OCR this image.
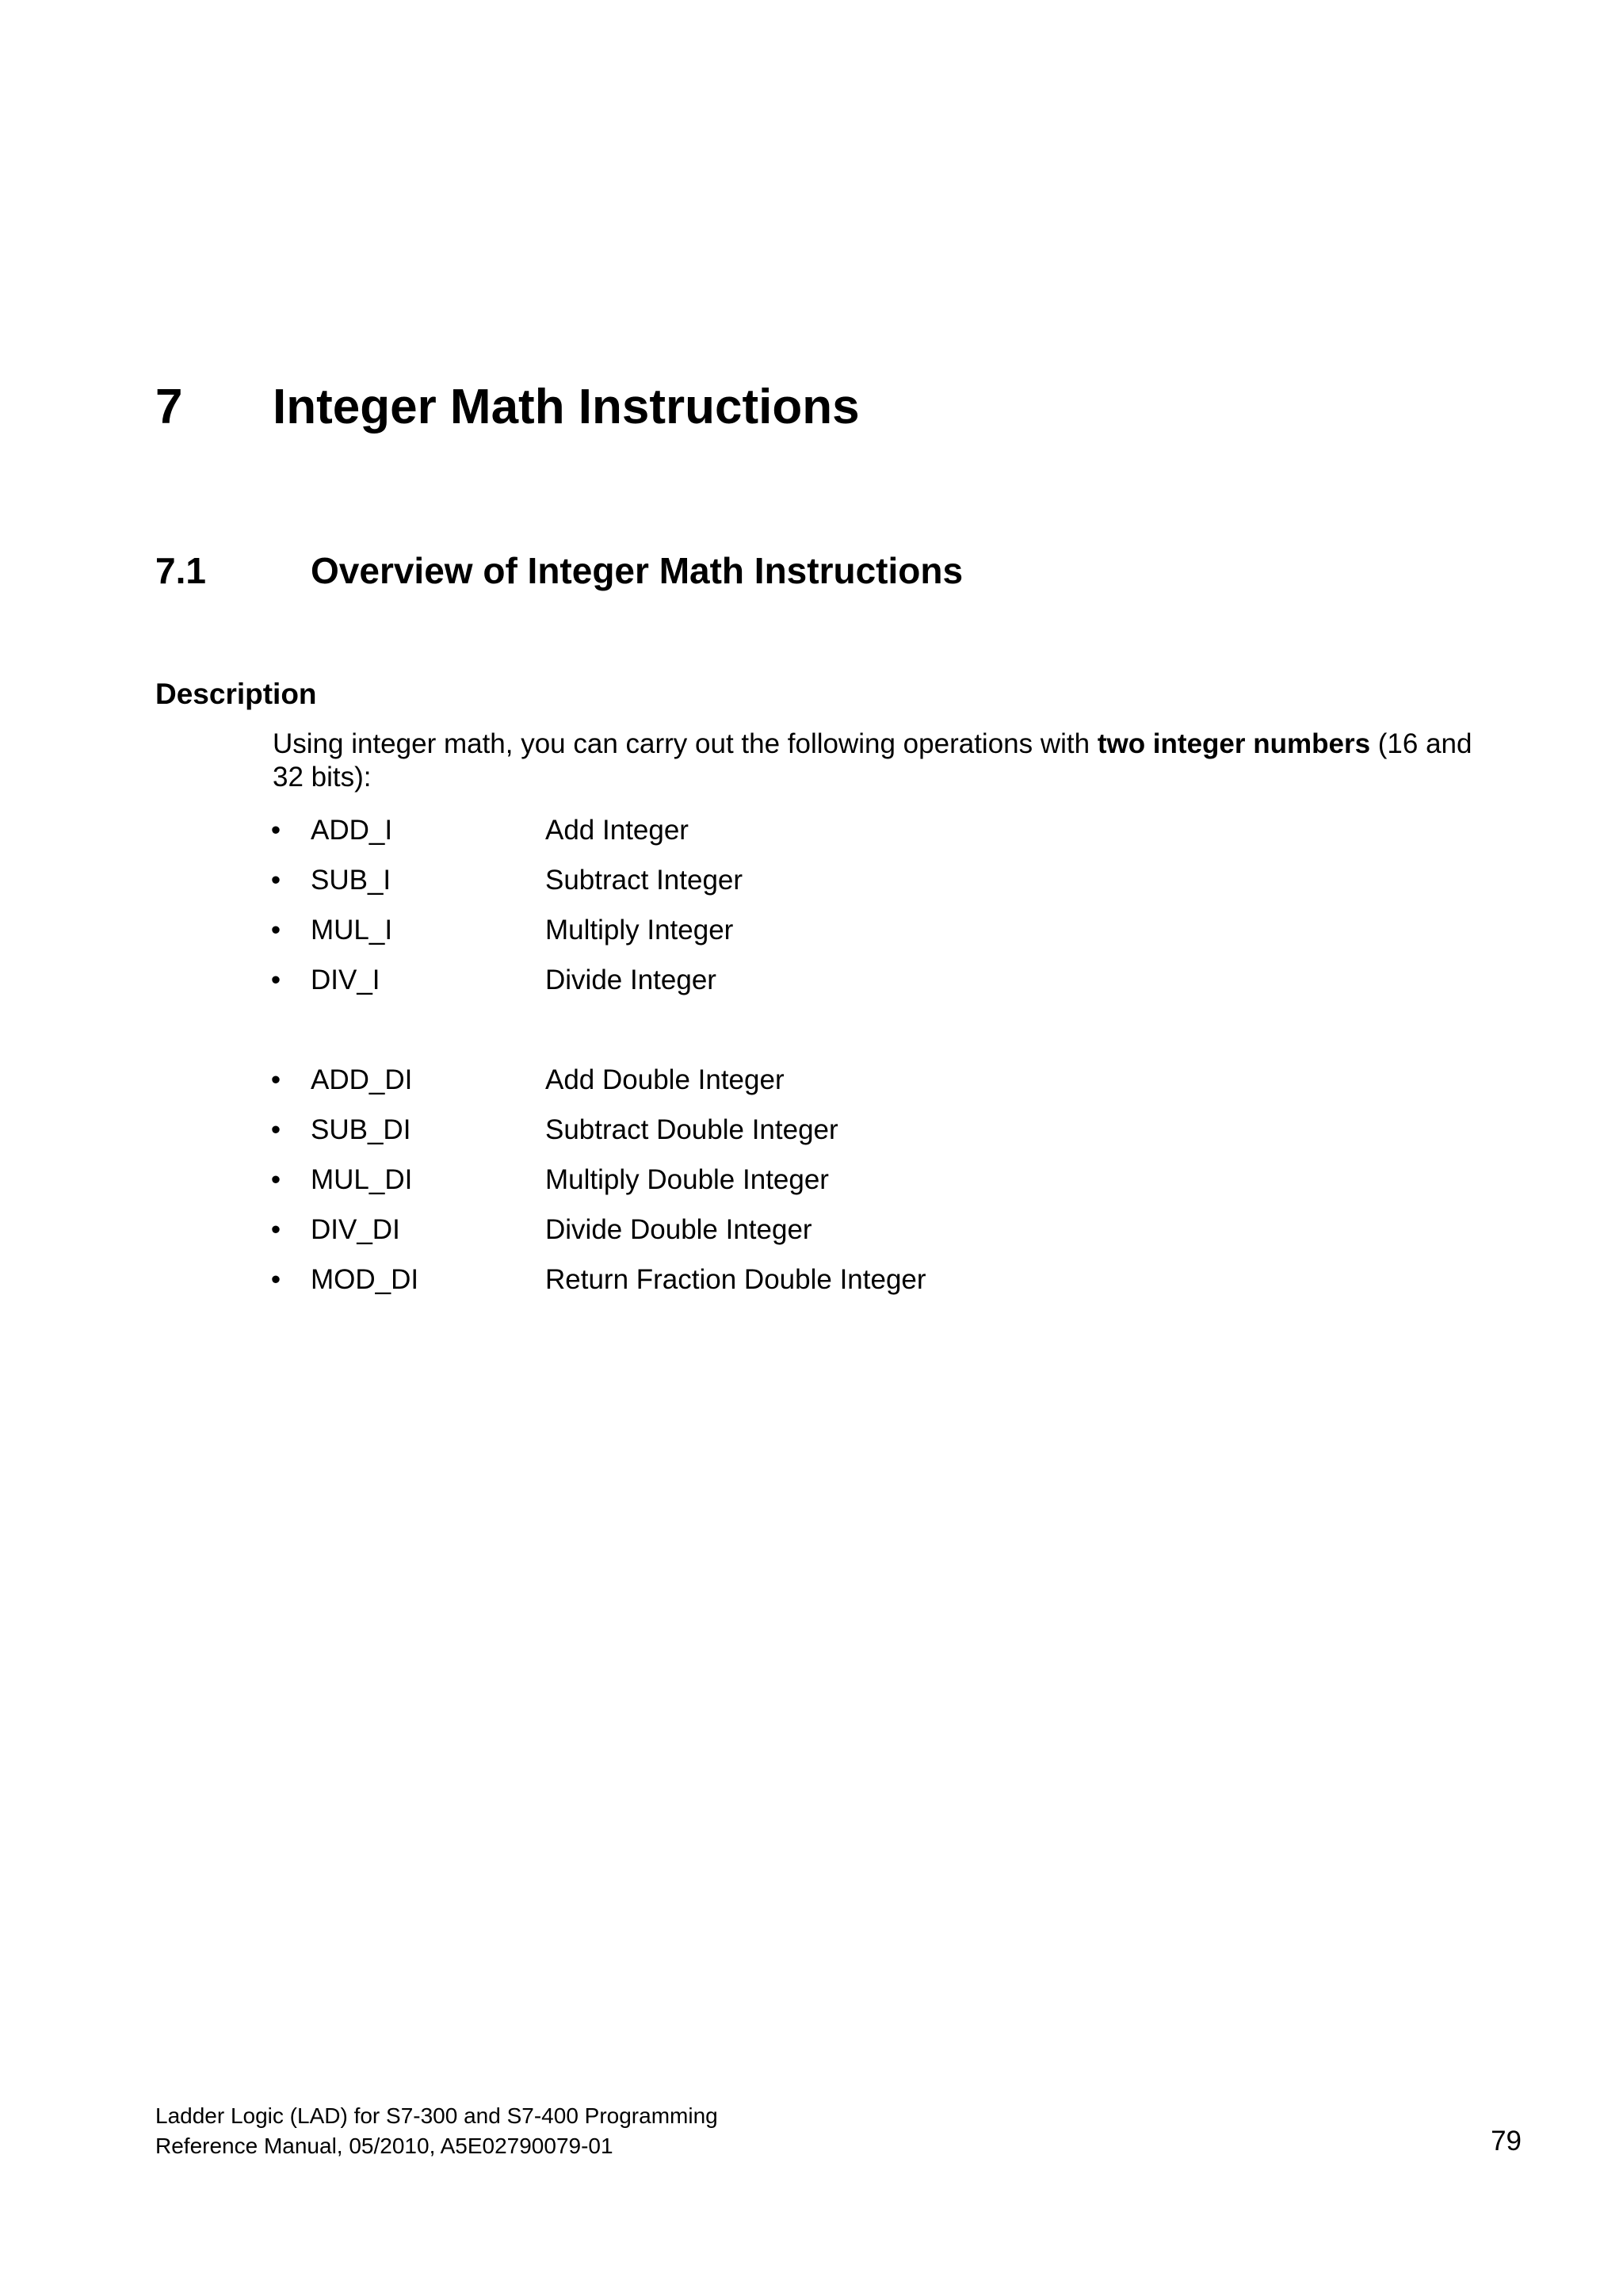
7 Integer Math Instructions
7.1	Overview of Integer Math Instructions
Description
Using integer math, you can carry out the following operations with two integer numbers (16 and 32 bits):
• ADD_I	Add Integer
• SUB_I	Subtract Integer
• MUL_I	Multiply Integer
• DIV_I	Divide Integer
• ADD_DI	Add Double Integer
• SUB_DI	Subtract Double Integer
• MUL_DI	Multiply Double Integer
• DIV_DI	Divide Double Integer
• MOD_DI	Return Fraction Double Integer
Ladder Logic (LAD) for S7-300 and S7-400 Programming
Reference Manual, 05/2010, A5E02790079-01	79
